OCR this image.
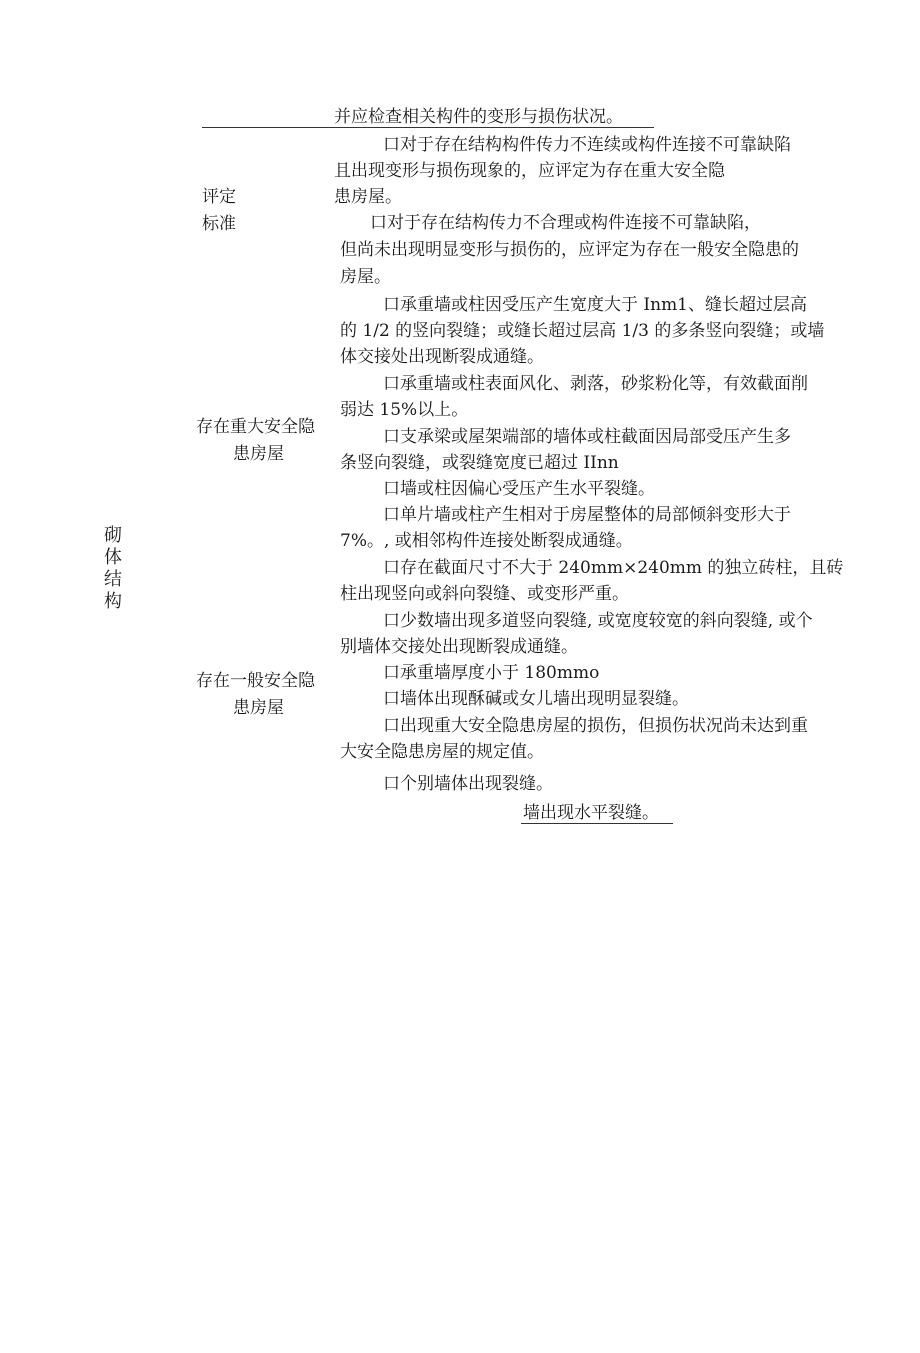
并应检查相关构件的变形与损伤状况。
砌
体
结
构
评定
标准
存在重大安全隐
患房屋
存在一般安全隐
患房屋
口对于存在结构构件传力不连续或构件连接不可靠缺陷
且出现变形与损伤现象的，应评定为存在重大安全隐
患房屋。
口对于存在结构传力不合理或构件连接不可靠缺陷，
但尚未出现明显变形与损伤的，应评定为存在一般安全隐患的
房屋。
口承重墙或柱因受压产生宽度大于 Inm1、缝长超过层高
的 1/2 的竖向裂缝；或缝长超过层高 1/3 的多条竖向裂缝；或墙
体交接处出现断裂成通缝。
口承重墙或柱表面风化、剥落，砂浆粉化等，有效截面削
弱达 15%以上。
口支承梁或屋架端部的墙体或柱截面因局部受压产生多
条竖向裂缝，或裂缝宽度已超过 IInn
口墙或柱因偏心受压产生水平裂缝。
口单片墙或柱产生相对于房屋整体的局部倾斜变形大于
7%。, 或相邻构件连接处断裂成通缝。
口存在截面尺寸不大于 240mm×240mm 的独立砖柱，且砖
柱出现竖向或斜向裂缝、或变形严重。
口少数墙出现多道竖向裂缝, 或宽度较宽的斜向裂缝, 或个
别墙体交接处出现断裂成通缝。
口承重墙厚度小于 180mmo
口墙体出现酥碱或女儿墙出现明显裂缝。
口出现重大安全隐患房屋的损伤，但损伤状况尚未达到重
大安全隐患房屋的规定值。
口个别墙体出现裂缝。
墙出现水平裂缝。
